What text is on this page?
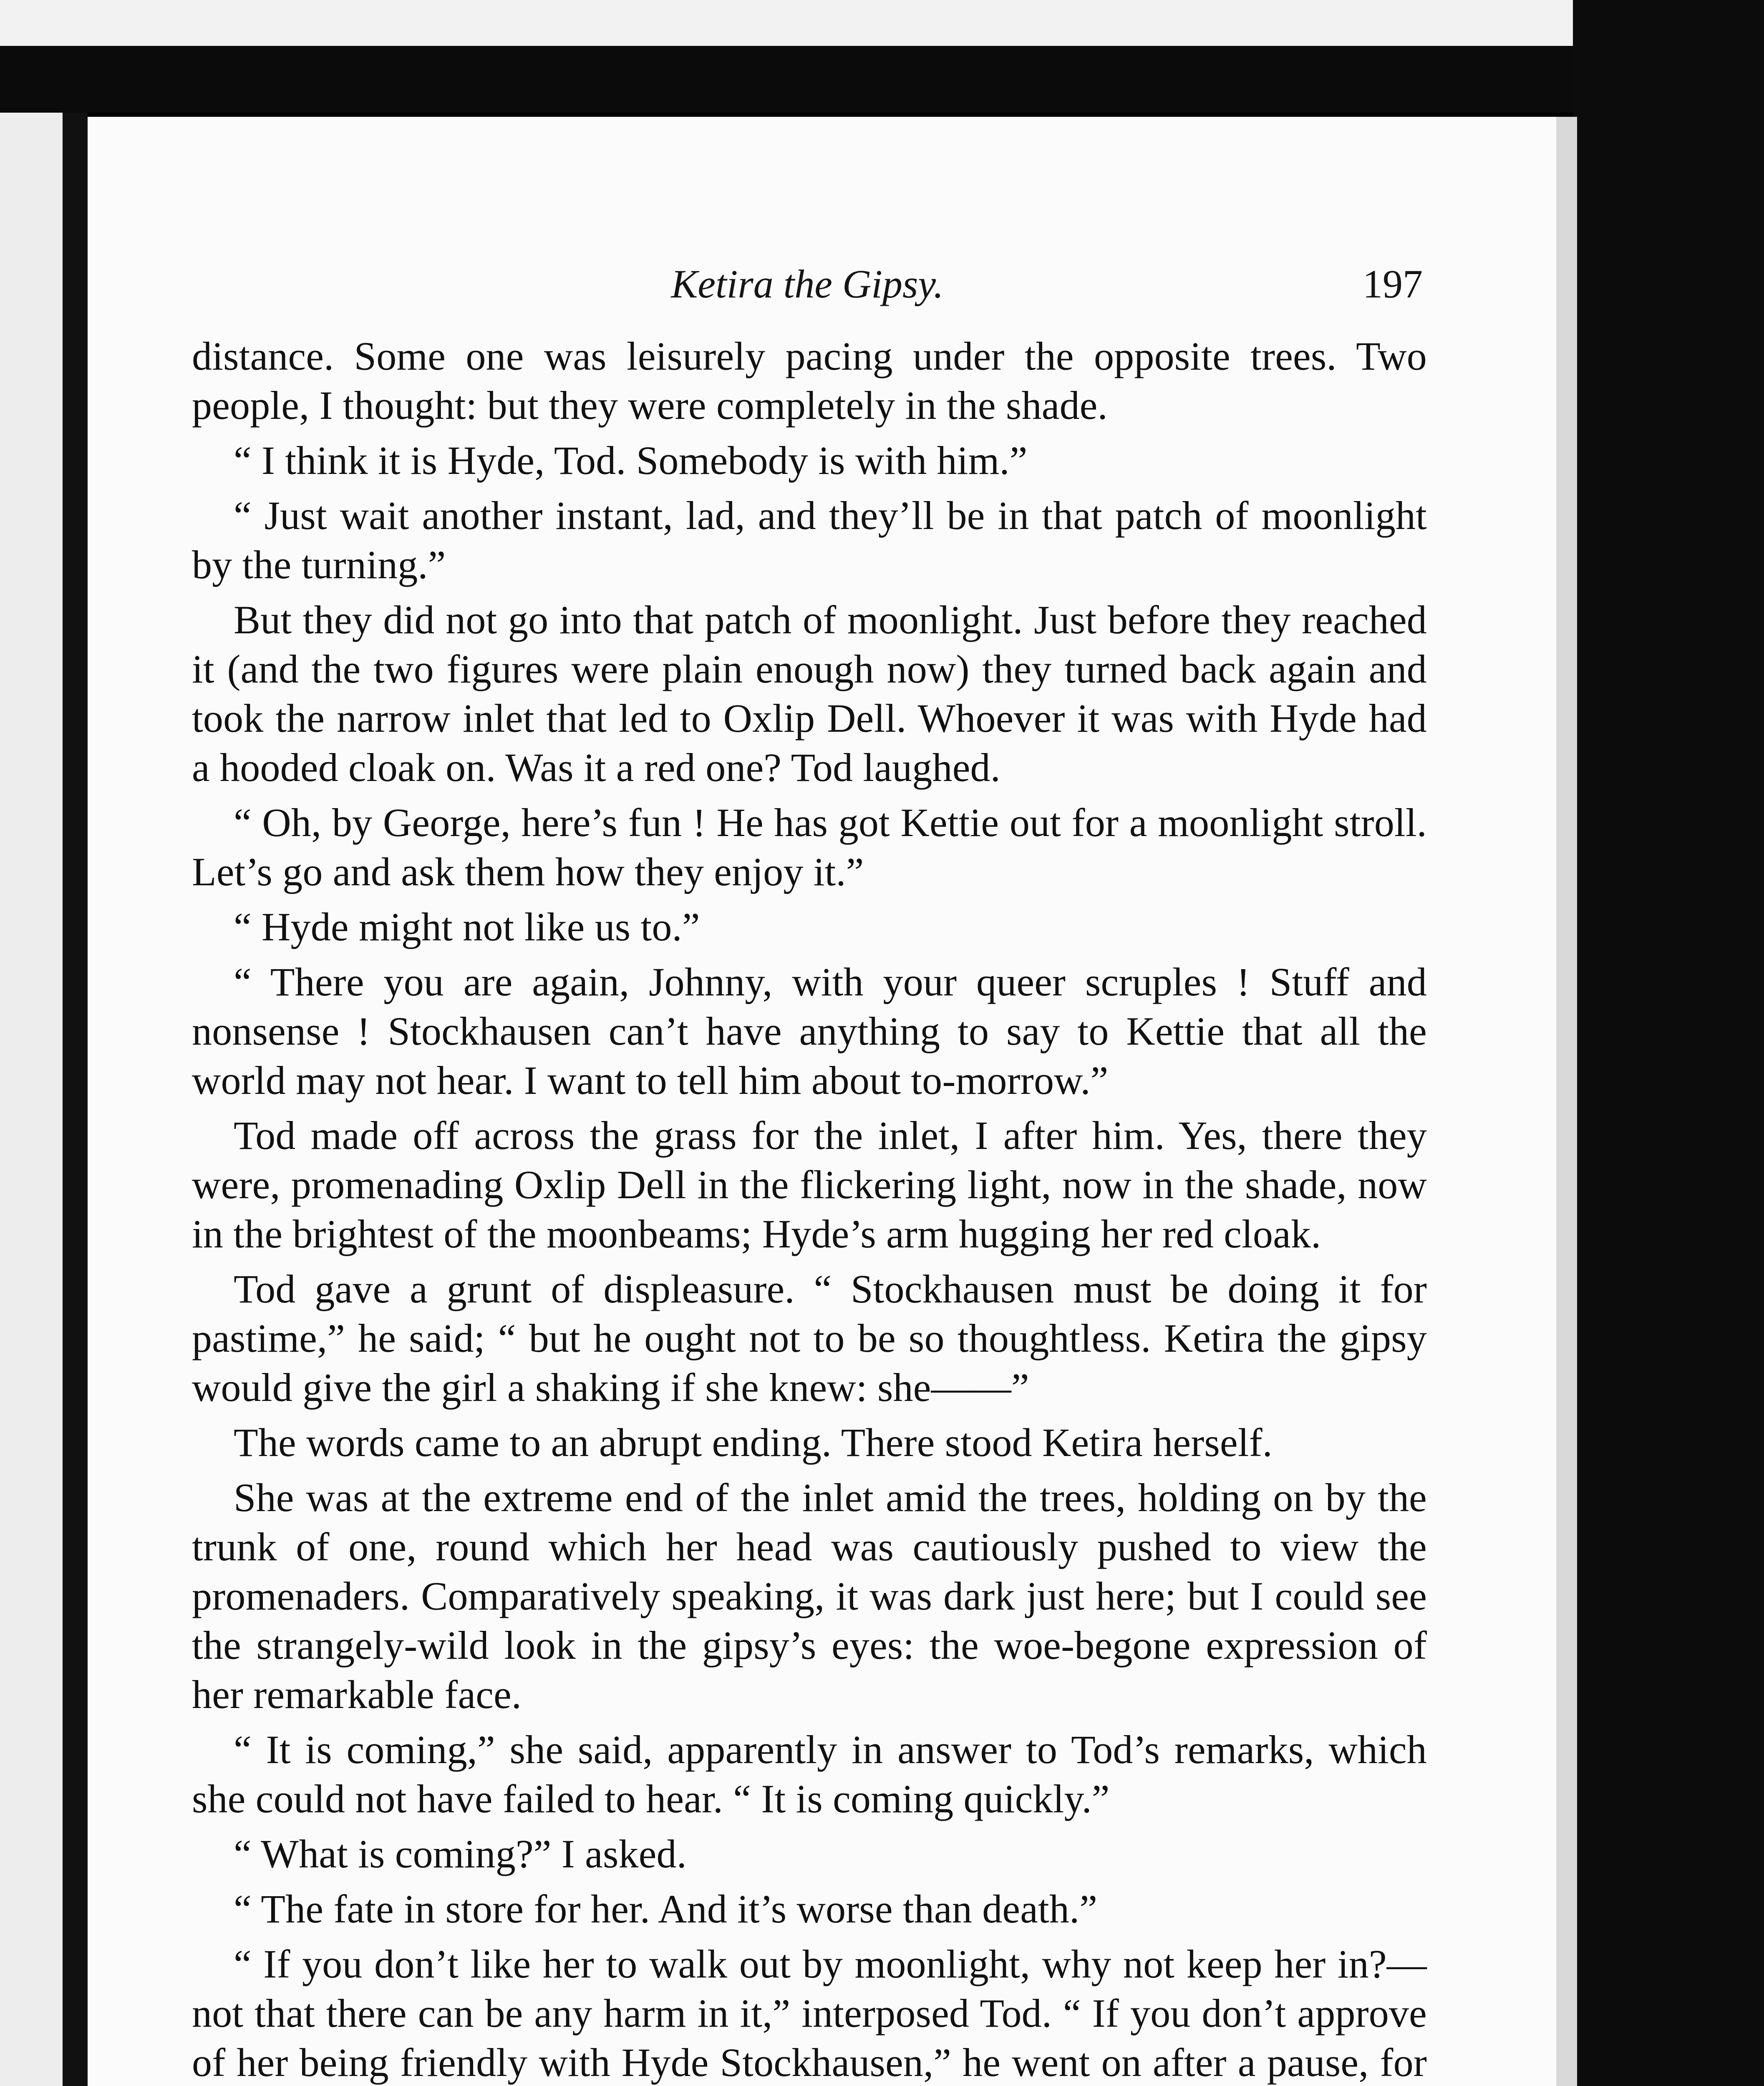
Ketira the Gipsy.	197

distance. Some one was leisurely pacing under the opposite trees. Two people, I thought: but they were completely in the shade.

“ I think it is Hyde, Tod. Somebody is with him.”

“ Just wait another instant, lad, and they’ll be in that patch of moonlight by the turning.”

But they did not go into that patch of moonlight. Just before they reached it (and the two figures were plain enough now) they turned back again and took the narrow inlet that led to Oxlip Dell. Whoever it was with Hyde had a hooded cloak on. Was it a red one? Tod laughed.

“ Oh, by George, here’s fun ! He has got Kettie out for a moonlight stroll. Let’s go and ask them how they enjoy it.”

“ Hyde might not like us to.”

“ There you are again, Johnny, with your queer scruples ! Stuff and nonsense ! Stockhausen can’t have anything to say to Kettie that all the world may not hear. I want to tell him about to-morrow.”

Tod made off across the grass for the inlet, I after him. Yes, there they were, promenading Oxlip Dell in the flickering light, now in the shade, now in the brightest of the moonbeams; Hyde’s arm hugging her red cloak.

Tod gave a grunt of displeasure. “ Stockhausen must be doing it for pastime,” he said; “ but he ought not to be so thoughtless. Ketira the gipsy would give the girl a shaking if she knew: she——”

The words came to an abrupt ending. There stood Ketira herself.

She was at the extreme end of the inlet amid the trees, holding on by the trunk of one, round which her head was cautiously pushed to view the promenaders. Comparatively speaking, it was dark just here; but I could see the strangely-wild look in the gipsy’s eyes: the woe-begone expression of her remarkable face.

“ It is coming,” she said, apparently in answer to Tod’s remarks, which she could not have failed to hear. “ It is coming quickly.”

“ What is coming?” I asked.

“ The fate in store for her. And it’s worse than death.”

“ If you don’t like her to walk out by moonlight, why not keep her in?—not that there can be any harm in it,” interposed Tod. “ If you don’t approve of her being friendly with Hyde Stockhausen,” he went on after a pause, for
